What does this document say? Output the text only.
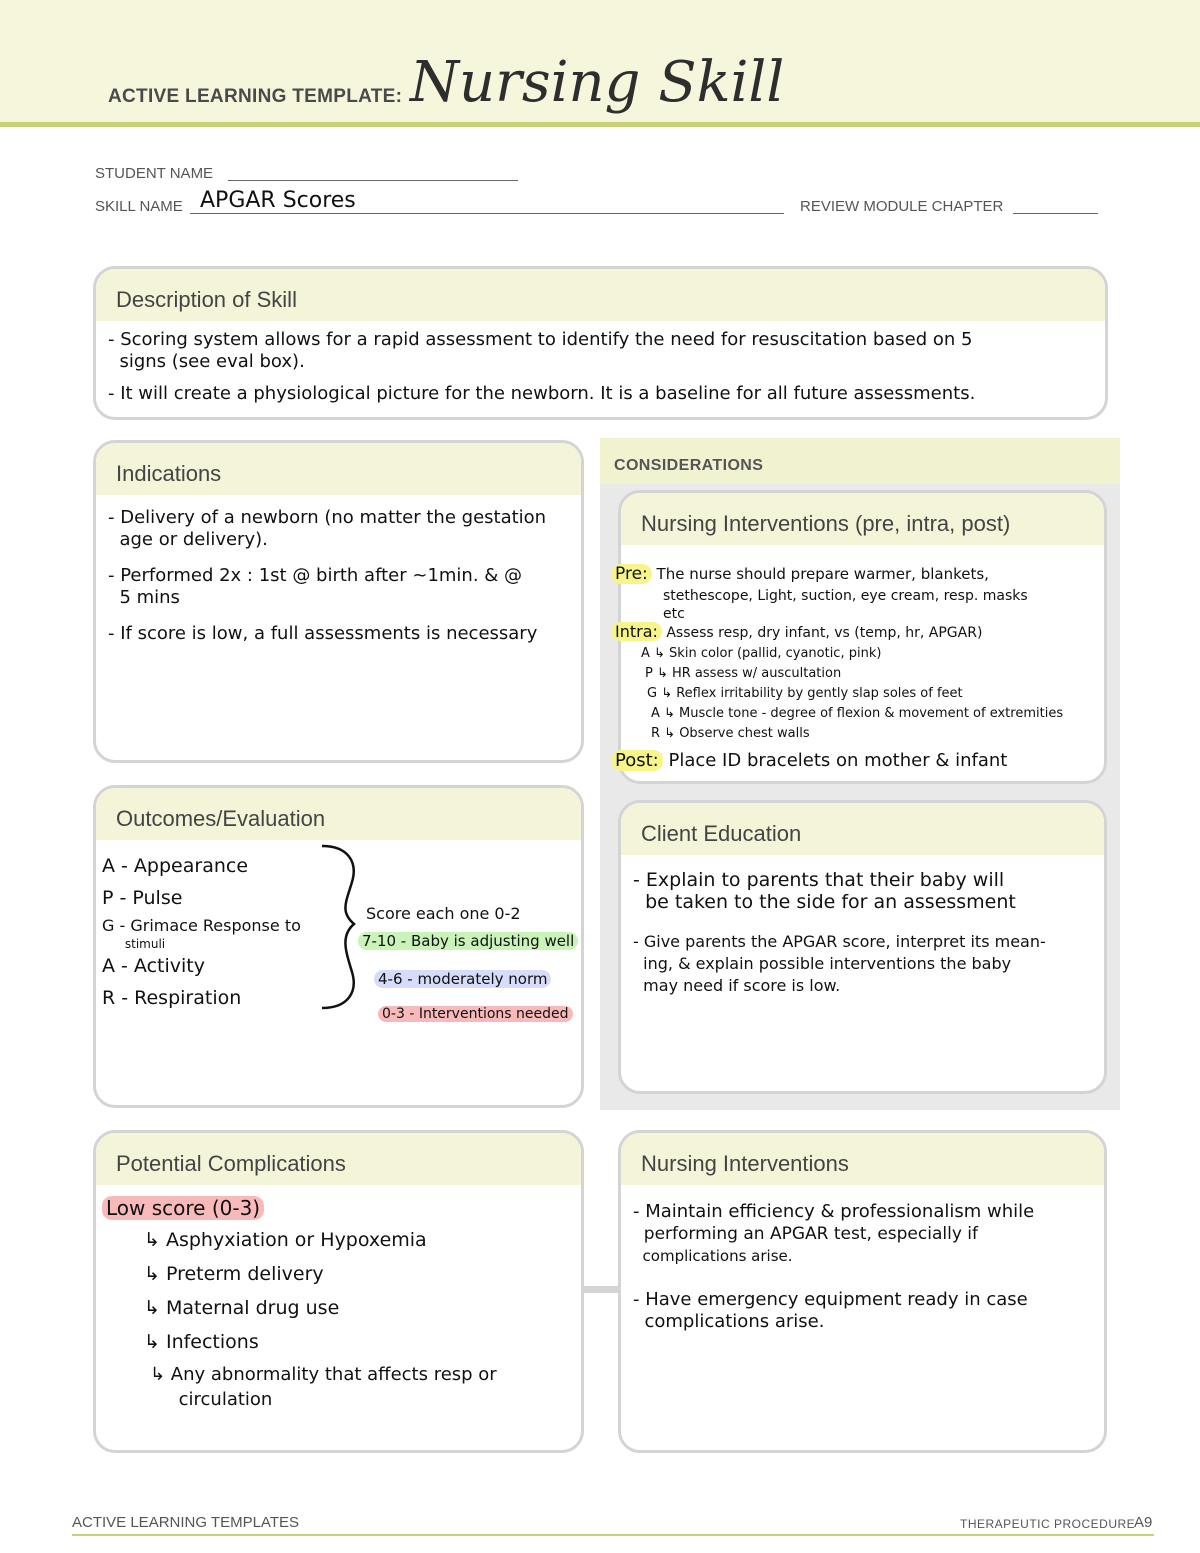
ACTIVE LEARNING TEMPLATE: Nursing Skill
STUDENT NAME
SKILL NAME APGAR Scores	REVIEW MODULE CHAPTER
Description of Skill

- Scoring system allows for a rapid assessment to identify the need for resuscitation based on 5

signs (see eval box).

- It will create a physiological picture for the newborn. It is a baseline for all future assessments.

Indications

- Delivery of a newborn (no matter the gestation

age or delivery).

- Performed 2x : 1st @ birth after ~1min. & @

5 mins

- If score is low, a full assessments is necessary

CONSIDERATIONS
Nursing Interventions (pre, intra, post)

Pre: The nurse should prepare warmer, blankets,

stethescope, Light, suction, eye cream, resp. masks

etc

Intra: Assess resp, dry infant, vs (temp, hr, APGAR)

A ↳ Skin color (pallid, cyanotic, pink)

P ↳ HR assess w/ auscultation

G ↳ Reflex irritability by gently slap soles of feet

A ↳ Muscle tone - degree of flexion & movement of extremities

R ↳ Observe chest walls

Post: Place ID bracelets on mother & infant

Client Education

- Explain to parents that their baby will

be taken to the side for an assessment

- Give parents the APGAR score, interpret its mean-

ing, & explain possible interventions the baby

may need if score is low.

Outcomes/Evaluation

A - Appearance

P - Pulse

G - Grimace Response to

stimuli

A - Activity

R - Respiration

Score each one 0-2
7-10 - Baby is adjusting well
4-6 - moderately norm
0-3 - Interventions needed
Potential Complications

Low score (0-3)

↳ Asphyxiation or Hypoxemia

↳ Preterm delivery

↳ Maternal drug use

↳ Infections

↳ Any abnormality that affects resp or

circulation

Nursing Interventions

- Maintain efficiency & professionalism while

performing an APGAR test, especially if

complications arise.

- Have emergency equipment ready in case

complications arise.

ACTIVE LEARNING TEMPLATES	THERAPEUTIC PROCEDURE
A9
